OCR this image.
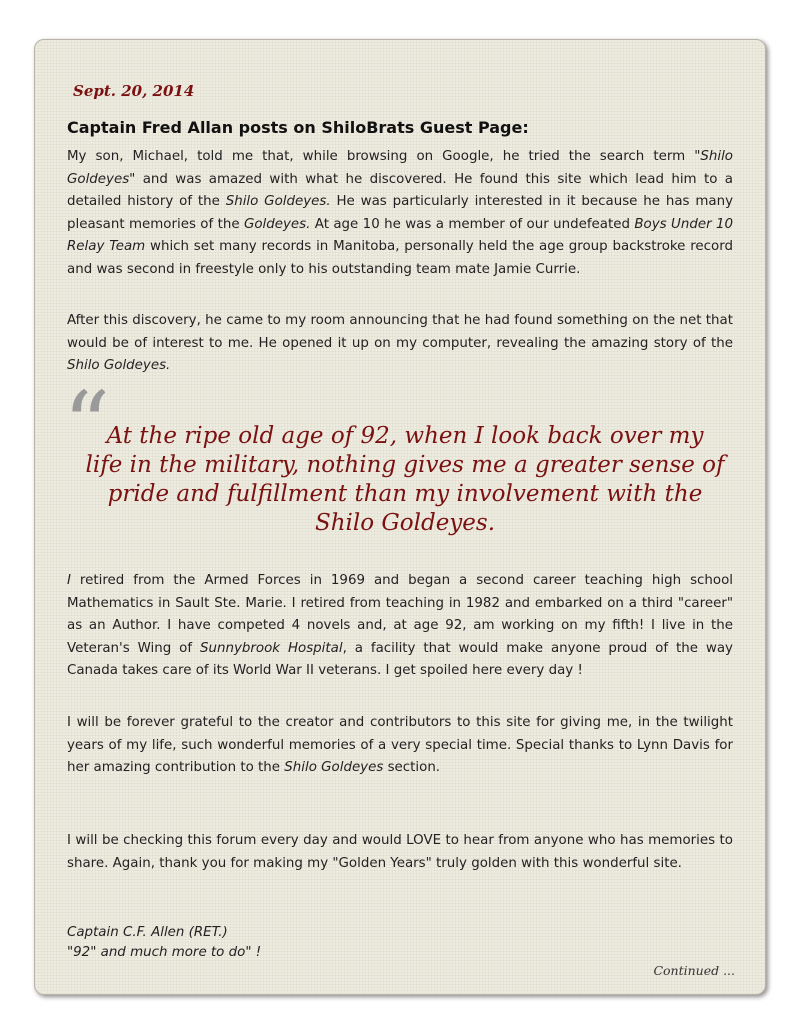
Sept. 20, 2014
Captain Fred Allan posts on ShiloBrats Guest Page:

My son, Michael, told me that, while browsing on Google, he tried the search term "Shilo Goldeyes" and was amazed with what he discovered. He found this site which lead him to a detailed history of the Shilo Goldeyes. He was particularly interested in it because he has many pleasant memories of the Goldeyes. At age 10 he was a member of our undefeated Boys Under 10 Relay Team which set many records in Manitoba, personally held the age group backstroke record and was second in freestyle only to his outstanding team mate Jamie Currie.

After this discovery, he came to my room announcing that he had found something on the net that would be of interest to me. He opened it up on my computer, revealing the amazing story of the Shilo Goldeyes.

“

At the ripe old age of 92, when I look back over my life in the military, nothing gives me a greater sense of pride and fulfillment than my involvement with the Shilo Goldeyes.

I retired from the Armed Forces in 1969 and began a second career teaching high school Mathematics in Sault Ste. Marie. I retired from teaching in 1982 and embarked on a third "career" as an Author. I have competed 4 novels and, at age 92, am working on my fifth! I live in the Veteran's Wing of Sunnybrook Hospital, a facility that would make anyone proud of the way Canada takes care of its World War II veterans. I get spoiled here every day !

I will be forever grateful to the creator and contributors to this site for giving me, in the twilight years of my life, such wonderful memories of a very special time. Special thanks to Lynn Davis for her amazing contribution to the Shilo Goldeyes section.

I will be checking this forum every day and would LOVE to hear from anyone who has memories to share. Again, thank you for making my "Golden Years" truly golden with this wonderful site.

Captain C.F. Allen (RET.)
"92" and much more to do" !
Continued ...
